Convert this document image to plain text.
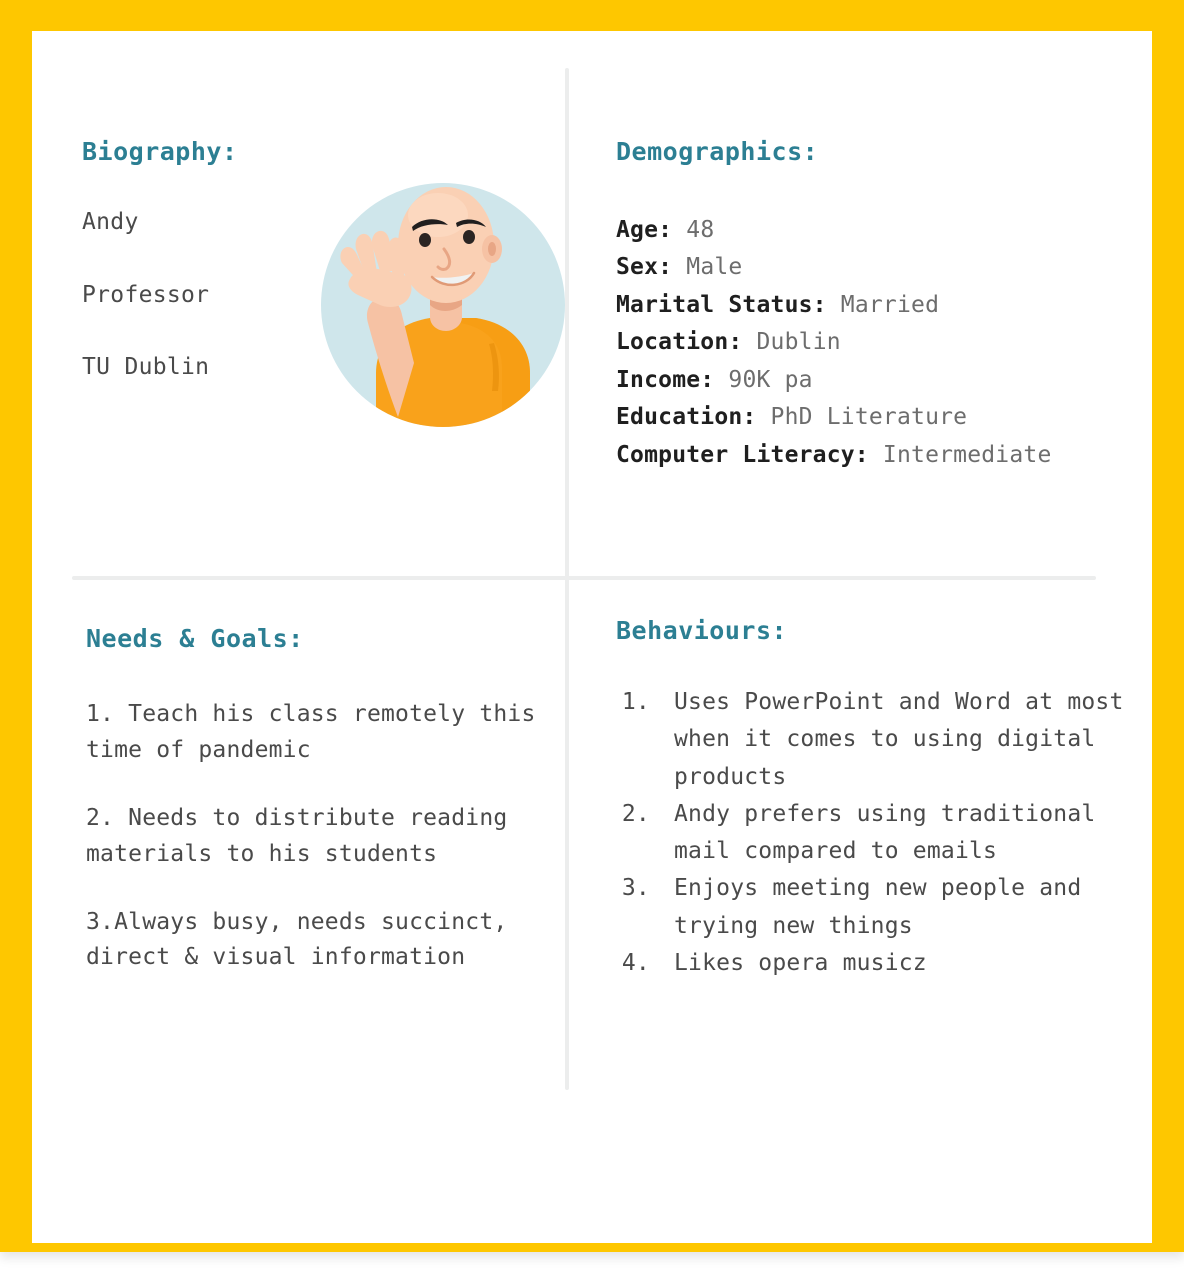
Biography:
Andy
Professor
TU Dublin
Demographics:
Age: 48
Sex: Male
Marital Status: Married
Location: Dublin
Income: 90K pa
Education: PhD Literature
Computer Literacy: Intermediate
Needs & Goals:
1. Teach his class remotely this time of pandemic
2. Needs to distribute reading materials to his students
3.Always busy, needs succinct, direct & visual information
Behaviours:
1. Uses PowerPoint and Word at most when it comes to using digital products
2. Andy prefers using traditional mail compared to emails
3. Enjoys meeting new people and trying new things
4. Likes opera musicz
